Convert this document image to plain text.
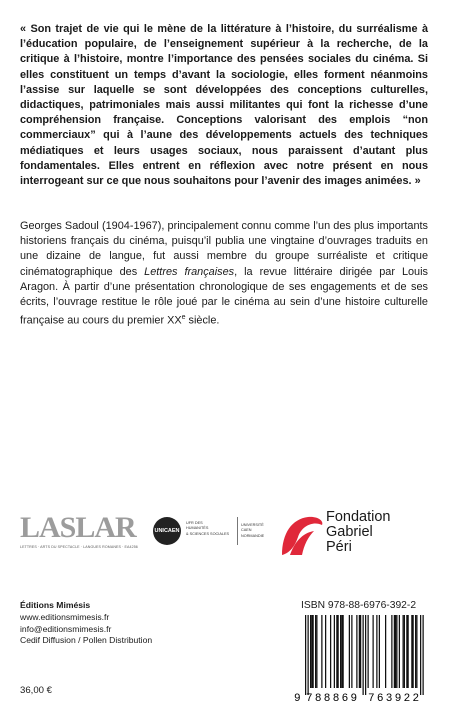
« Son trajet de vie qui le mène de la littérature à l’histoire, du surréalisme à l’éducation populaire, de l’enseignement supérieur à la recherche, de la critique à l’histoire, montre l’importance des pensées sociales du cinéma. Si elles constituent un temps d’avant la sociologie, elles forment néanmoins l’assise sur laquelle se sont développées des conceptions culturelles, didactiques, patrimoniales mais aussi militantes qui font la richesse d’une compréhension française. Conceptions valorisant des emplois “non commerciaux” qui à l’aune des développements actuels des techniques médiatiques et leurs usages sociaux, nous paraissent d’autant plus fondamentales. Elles entrent en réflexion avec notre présent en nous interrogeant sur ce que nous souhaitons pour l’avenir des images animées. »

Georges Sadoul (1904-1967), principalement connu comme l’un des plus importants historiens français du cinéma, puisqu’il publia une vingtaine d’ouvrages traduits en une dizaine de langue, fut aussi membre du groupe surréaliste et critique cinématographique des Lettres françaises, la revue littéraire dirigée par Louis Aragon. À partir d’une présentation chronologique de ses engagements et de ses écrits, l’ouvrage restitue le rôle joué par le cinéma au sein d’une histoire culturelle française au cours du premier XXe siècle.

LASLAR
LETTRES · ARTS DU SPECTACLE · LANGUES ROMANES · EA4256
UNICAEN
UFR DES
HUMANITÉS
& SCIENCES SOCIALES
UNIVERSITÉ
CAEN
NORMANDIE
Fondation
Gabriel
Péri
Éditions Mimésis
www.editionsmimesis.fr
info@editionsmimesis.fr
Cedif Diffusion / Pollen Distribution
36,00 €
ISBN 978-88-6976-392-2
9 788869 763922
